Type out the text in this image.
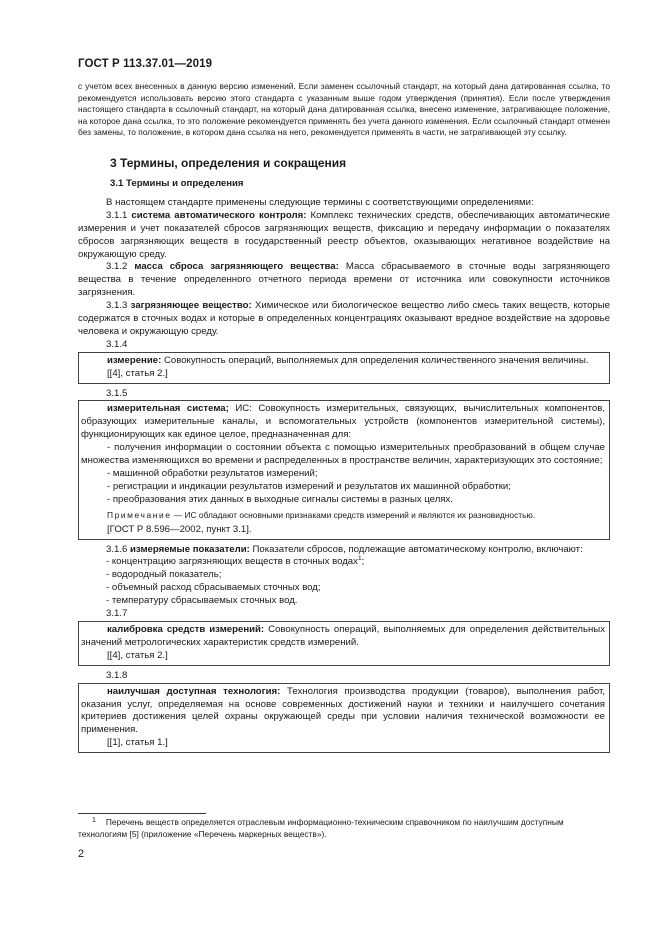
ГОСТ Р 113.37.01—2019

с учетом всех внесенных в данную версию изменений. Если заменен ссылочный стандарт, на который дана датированная ссылка, то рекомендуется использовать версию этого стандарта с указанным выше годом утверждения (принятия). Если после утверждения настоящего стандарта в ссылочный стандарт, на который дана датированная ссылка, внесено изменение, затрагивающее положение, на которое дана ссылка, то это положение рекомендуется применять без учета данного изменения. Если ссылочный стандарт отменен без замены, то положение, в котором дана ссылка на него, рекомендуется применять в части, не затрагивающей эту ссылку.

3 Термины, определения и сокращения
3.1 Термины и определения

В настоящем стандарте применены следующие термины с соответствующими определениями:

3.1.1 система автоматического контроля: Комплекс технических средств, обеспечивающих автоматические измерения и учет показателей сбросов загрязняющих веществ, фиксацию и передачу информации о показателях сбросов загрязняющих веществ в государственный реестр объектов, оказывающих негативное воздействие на окружающую среду.

3.1.2 масса сброса загрязняющего вещества: Масса сбрасываемого в сточные воды загрязняющего вещества в течение определенного отчетного периода времени от источника или совокупности источников загрязнения.

3.1.3 загрязняющее вещество: Химическое или биологическое вещество либо смесь таких веществ, которые содержатся в сточных водах и которые в определенных концентрациях оказывают вредное воздействие на здоровье человека и окружающую среду.

3.1.4

измерение: Совокупность операций, выполняемых для определения количественного значения величины.

[[4], статья 2.]

3.1.5

измерительная система; ИС: Совокупность измерительных, связующих, вычислительных компонентов, образующих измерительные каналы, и вспомогательных устройств (компонентов измерительной системы), функционирующих как единое целое, предназначенная для:

- получения информации о состоянии объекта с помощью измерительных преобразований в общем случае множества изменяющихся во времени и распределенных в пространстве величин, характеризующих это состояние;

- машинной обработки результатов измерений;

- регистрации и индикации результатов измерений и результатов их машинной обработки;

- преобразования этих данных в выходные сигналы системы в разных целях.

Примечание — ИС обладают основными признаками средств измерений и являются их разновидностью.

[ГОСТ Р 8.596—2002, пункт 3.1].

3.1.6 измеряемые показатели: Показатели сбросов, подлежащие автоматическому контролю, включают:

- концентрацию загрязняющих веществ в сточных водах$^1$;

- водородный показатель;

- объемный расход сбрасываемых сточных вод;

- температуру сбрасываемых сточных вод.

3.1.7

калибровка средств измерений: Совокупность операций, выполняемых для определения действительных значений метрологических характеристик средств измерений.

[[4], статья 2.]

3.1.8

наилучшая доступная технология: Технология производства продукции (товаров), выполнения работ, оказания услуг, определяемая на основе современных достижений науки и техники и наилучшего сочетания критериев достижения целей охраны окружающей среды при условии наличия технической возможности ее применения.

[[1], статья 1.]

$^1$ Перечень веществ определяется отраслевым информационно-техническим справочником по наилучшим доступным технологиям [5] (приложение «Перечень маркерных веществ»).
2
